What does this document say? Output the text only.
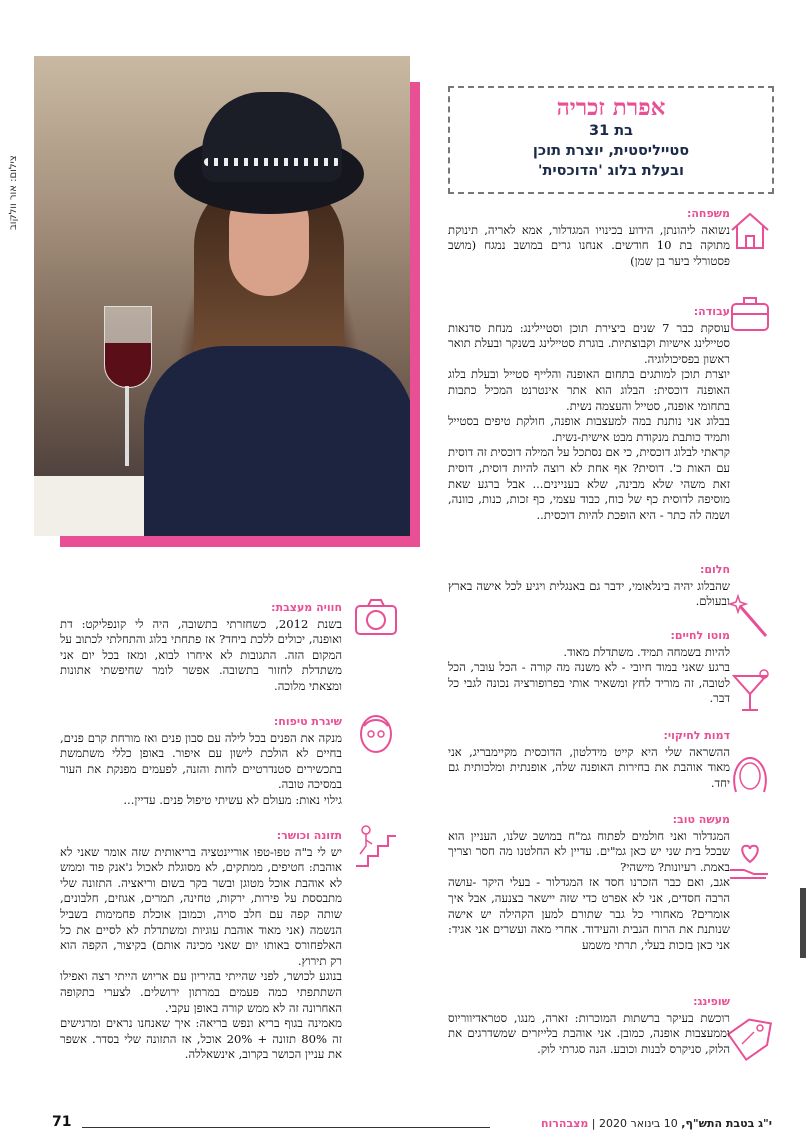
צילום: אור וולקוב
אפרת זכריה
בת 31
סטייליסטית, יוצרת תוכן
ובעלת בלוג 'הדוכסית'
משפחה:

נשואה ליהונתן, הידוע בכינויו המגדלור, אמא לאריה, תינוקת מתוקה בת 10 חודשים. אנחנו גרים במושב נמגח (מושב פסטורלי ביער בן שמן)

עבודה:

עוסקת כבר 7 שנים ביצירת תוכן וסטיילינג: מנחת סדנאות סטיילינג אישיות וקבוצתיות. בוגרת סטיילינג בשנקר ובעלת תואר ראשון בפסיכולוגיה.

יוצרת תוכן למותגים בתחום האופנה והלייף סטייל ובעלת בלוג האופנה דוכסית: הבלוג הוא אתר אינטרנט המכיל כתבות בתחומי אופנה, סטייל והעצמה נשית.

בבלוג אני נותנת במה למעצבות אופנה, חולקת טיפים בסטייל ותמיד כותבת מנקודת מבט אישית-נשית.

קראתי לבלוג דוכסית, כי אם נסתכל על המילה דוכסית זה דוסית עם האות כ'. דוסית? אף אחת לא רוצה להיות דוסית, דוסית זאת משהי שלא מבינה, שלא בעניינים... אבל ברגע שאת מוסיפה לדוסית כף של כוח, כבוד עצמי, כף זכות, כנות, כוונה, ושמה לה כתר - היא הופכת להיות דוכסית..

חלום:

שהבלוג יהיה בינלאומי, ידבר גם באנגלית ויגיע לכל אישה בארץ ובעולם.

מוטו לחיים:

להיות בשמחה תמיד. משתדלת מאוד.

ברגע שאני במוד חיובי - לא משנה מה קורה - הכל עובר, הכל לטובה, זה מוריד לחץ ומשאיר אותי בפרופורציה נכונה לגבי כל דבר.

דמות לחיקוי:

ההשראה שלי היא קייט מידלטון, הדוכסית מקיימבריג, אני מאוד אוהבת את בחירות האופנה שלה, אופנתית ומלכותית גם יחד.

מעשה טוב:

המגדלור ואני חולמים לפתוח גמ"ח במושב שלנו, העניין הוא שבכל בית שני יש כאן גמ"ים. עדיין לא החלטנו מה חסר וצריך באמת. רעיונות? מישהי?

אגב, ואם כבר הזכרנו חסד אז המגדלור - בעלי היקר -עושה הרבה חסדים, אני לא אפרט כדי שזה יישאר בצנעה, אבל איך אומרים? מאחורי כל גבר שתורם למען הקהילה יש אישה שנותנת את הרוח הגבית והעידוד. אחרי מאה ועשרים אני אגיד: אני כאן בזכות בעלי, תרתי משמע

שופינג:

רוכשת בעיקר ברשתות המוכרות: זארה, מנגו, סטראדיווריוס וממעצבות אופנה, כמובן. אני אוהבת בלייזרים שמשדרגים את הלוק, סניקרס לבנות וכובע. הנה סגרתי לוק.

חוויה מעצבת:

בשנת 2012, כשחזרתי בתשובה, היה לי קונפליקט: דת ואופנה, יכולים ללכת ביחד? אז פתחתי בלוג והתחלתי לכתוב על המקום הזה. התגובות לא איחרו לבוא, ומאז בכל יום אני משתדלת לחזור בתשובה. אפשר לומר שחיפשתי אתונות ומצאתי מלוכה.

שיגרת טיפוח:

מנקה את הפנים בכל לילה עם סבון פנים ואז מורחת קרם פנים, בחיים לא הולכת לישון עם איפור. באופן כללי משתמשת בתכשירים סטנדרטיים לחות והזנה, לפעמים מפנקת את העור במסיכה טובה.

גילוי נאות: מעולם לא עשיתי טיפול פנים. עדיין...

תזונה וכושר:

יש לי ב"ה טפו-טפו אוריינטציה בריאותית שזה אומר שאני לא אוהבת: חטיפים, ממתקים, לא מסוגלת לאכול ג'אנק פוד וממש לא אוהבת אוכל מטוגן ובשר בקר בשום וריאציה. התזונה שלי מתבססת על פירות, ירקות, טחינה, תמרים, אגוזים, חלבונים, שותה קפה עם חלב סויה, וכמובן אוכלת פחמימות בשביל הנשמה (אני מאוד אוהבת עוגיות ומשתדלת לא לסיים את כל האלפחורס באותו יום שאני מכינה אותם) בקיצור, הקפה הוא רק תירוץ.

בנוגע לכושר, לפני שהייתי בהיריון עם אריוש הייתי רצה ואפילו השתתפתי כמה פעמים במרתון ירושלים. לצערי בתקופה האחרונה זה לא ממש קורה באופן עקבי.

מאמינה בגוף בריא ונפש בריאה: איך שאנחנו נראים ומרגישים זה 80% תזונה + 20% אוכל, אז התזונה שלי בסדר. אשפר את עניין הכושר בקרוב, אינשאללה.

י"ג בטבת התש"ף, 10 בינואר 2020 | מצבהרוח
71
